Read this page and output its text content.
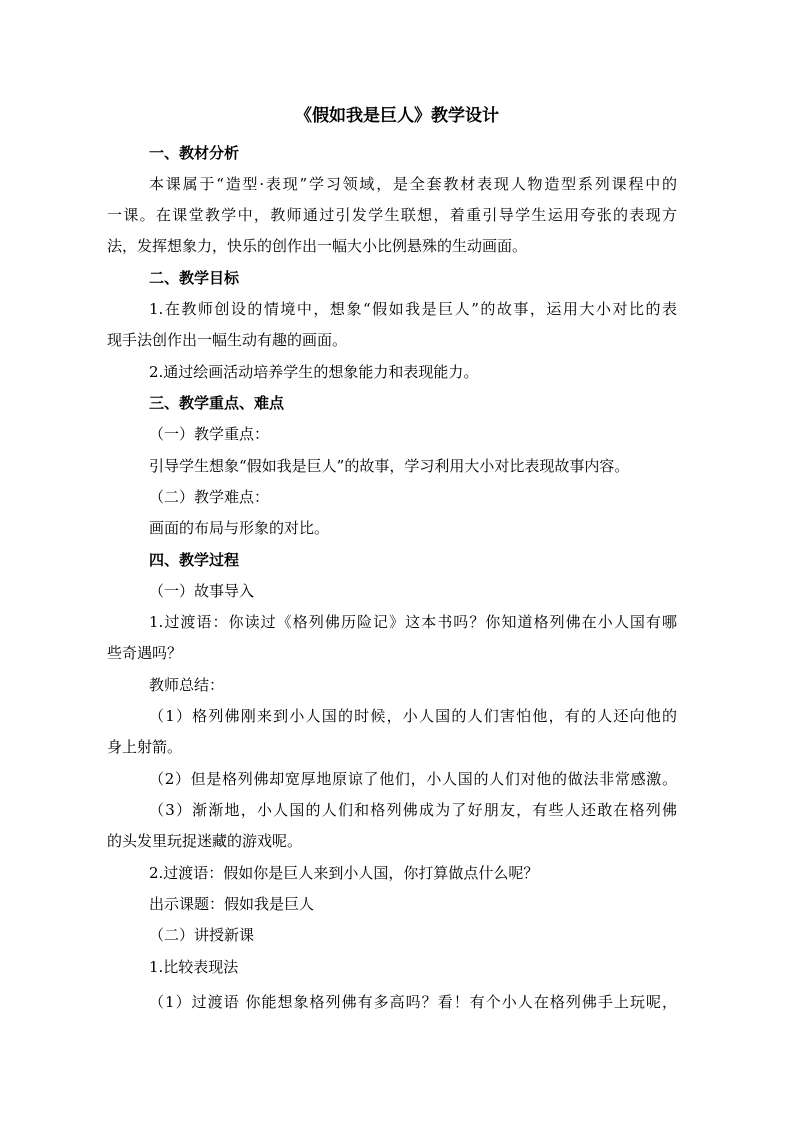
《假如我是巨人》教学设计
一、教材分析
本课属于“造型·表现”学习领域，是全套教材表现人物造型系列课程中的
一课。在课堂教学中，教师通过引发学生联想，着重引导学生运用夸张的表现方
法，发挥想象力，快乐的创作出一幅大小比例悬殊的生动画面。
二、教学目标
1.在教师创设的情境中，想象“假如我是巨人”的故事，运用大小对比的表
现手法创作出一幅生动有趣的画面。
2.通过绘画活动培养学生的想象能力和表现能力。
三、教学重点、难点
（一）教学重点：
引导学生想象“假如我是巨人”的故事，学习利用大小对比表现故事内容。
（二）教学难点：
画面的布局与形象的对比。
四、教学过程
（一）故事导入
1.过渡语：你读过《格列佛历险记》这本书吗？你知道格列佛在小人国有哪
些奇遇吗？
教师总结：
（1）格列佛刚来到小人国的时候，小人国的人们害怕他，有的人还向他的
身上射箭。
（2）但是格列佛却宽厚地原谅了他们，小人国的人们对他的做法非常感激。
（3）渐渐地，小人国的人们和格列佛成为了好朋友，有些人还敢在格列佛
的头发里玩捉迷藏的游戏呢。
2.过渡语：假如你是巨人来到小人国，你打算做点什么呢？
出示课题：假如我是巨人
（二）讲授新课
1.比较表现法
（1）过渡语 你能想象格列佛有多高吗？看！有个小人在格列佛手上玩呢，
